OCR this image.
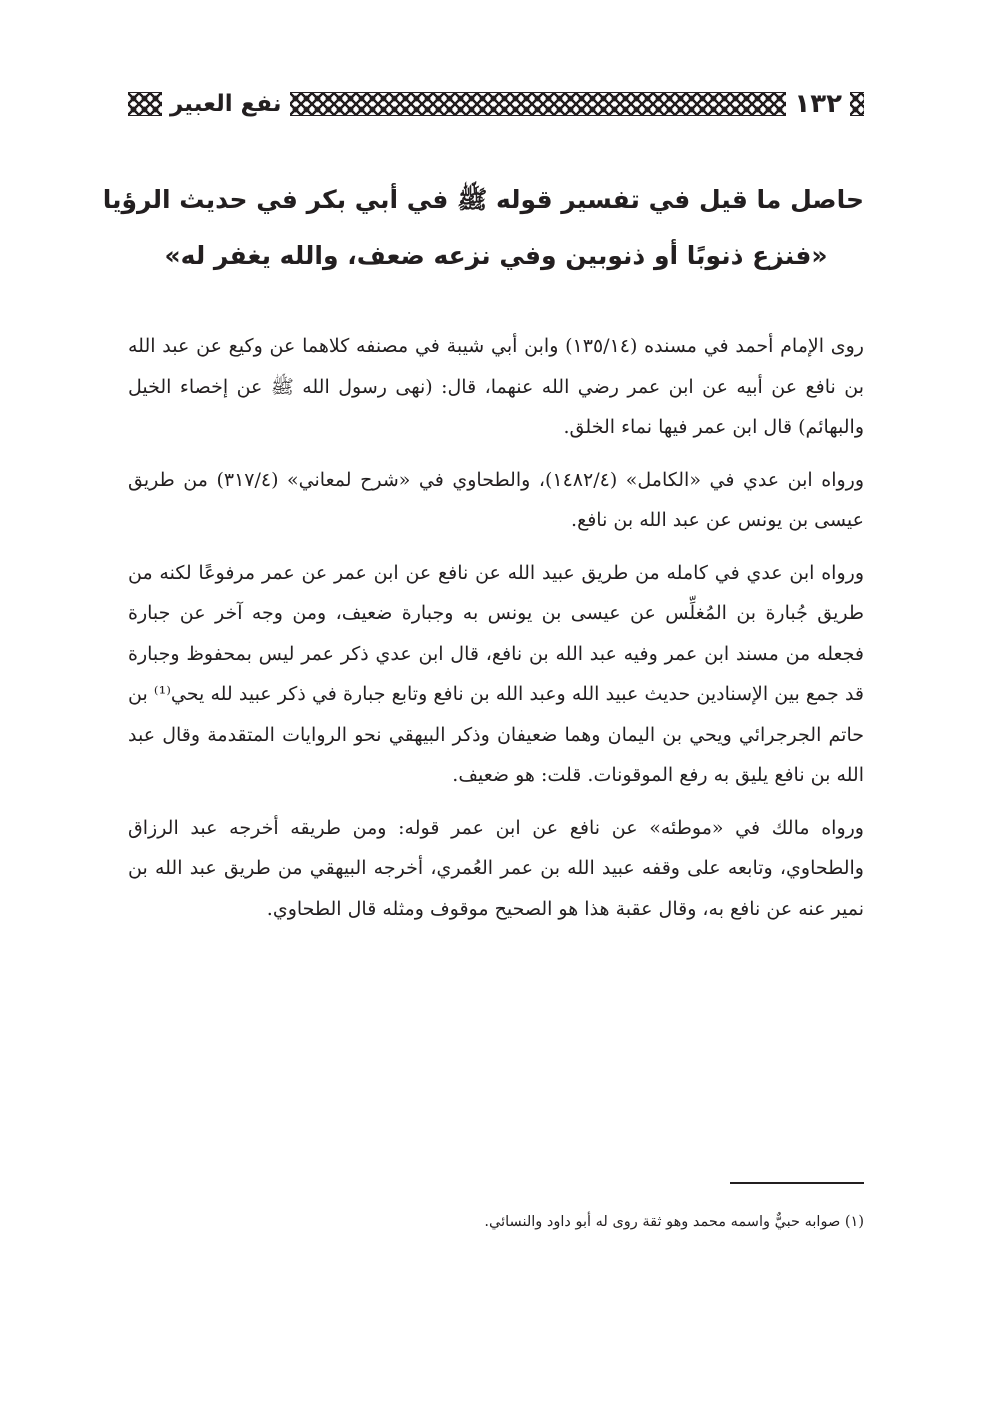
١٣٢
نفع العبير

حاصل ما قيل في تفسير قوله ﷺ في أبي بكر في حديث الرؤيا

«فنزع ذنوبًا أو ذنوبين وفي نزعه ضعف، والله يغفر له»

روى الإمام أحمد في مسنده (١٣٥/١٤) وابن أبي شيبة في مصنفه كلاهما عن وكيع عن عبد الله بن نافع عن أبيه عن ابن عمر رضي الله عنهما، قال: (نهى رسول الله ﷺ عن إخصاء الخيل والبهائم) قال ابن عمر فيها نماء الخلق.

ورواه ابن عدي في «الكامل» (١٤٨٢/٤)، والطحاوي في «شرح لمعاني» (٣١٧/٤) من طريق عيسى بن يونس عن عبد الله بن نافع.

ورواه ابن عدي في كامله من طريق عبيد الله عن نافع عن ابن عمر عن عمر مرفوعًا لكنه من طريق جُبارة بن المُغلِّس عن عيسى بن يونس به وجبارة ضعيف، ومن وجه آخر عن جبارة فجعله من مسند ابن عمر وفيه عبد الله بن نافع، قال ابن عدي ذكر عمر ليس بمحفوظ وجبارة قد جمع بين الإسنادين حديث عبيد الله وعبد الله بن نافع وتابع جبارة في ذكر عبيد لله يحي⁽¹⁾ بن حاتم الجرجرائي ويحي بن اليمان وهما ضعيفان وذكر البيهقي نحو الروايات المتقدمة وقال عبد الله بن نافع يليق به رفع الموقونات. قلت: هو ضعيف.

ورواه مالك في «موطئه» عن نافع عن ابن عمر قوله: ومن طريقه أخرجه عبد الرزاق والطحاوي، وتابعه على وقفه عبيد الله بن عمر العُمري، أخرجه البيهقي من طريق عبد الله بن نمير عنه عن نافع به، وقال عقبة هذا هو الصحيح موقوف ومثله قال الطحاوي.

(١) صوابه حبيٌّ واسمه محمد وهو ثقة روى له أبو داود والنسائي.
